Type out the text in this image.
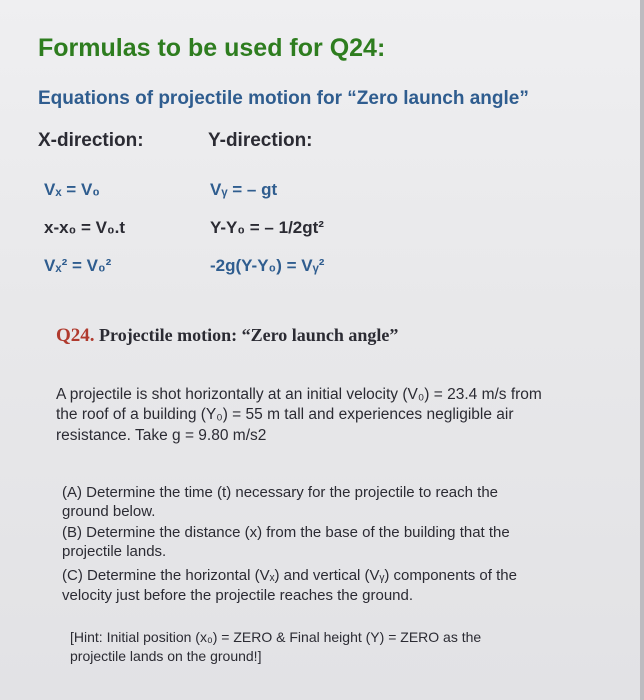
Formulas to be used for Q24:
Equations of projectile motion for “Zero launch angle”
X-direction:
Vₓ = V₀
x-x₀ = V₀.t
Vₓ² = V₀²
Y-direction:
Vᵧ = – gt
Y-Y₀ = – 1/2gt²
-2g(Y-Y₀) = Vᵧ²
Q24. Projectile motion: “Zero launch angle”
A projectile is shot horizontally at an initial velocity (V₀) = 23.4 m/s from
the roof of a building (Y₀) = 55 m tall and experiences negligible air
resistance. Take g = 9.80 m/s2
(A) Determine the time (t) necessary for the projectile to reach the
ground below.
(B) Determine the distance (x) from the base of the building that the
projectile lands.
(C) Determine the horizontal (Vₓ) and vertical (Vᵧ) components of the
velocity just before the projectile reaches the ground.
[Hint: Initial position (x₀) = ZERO & Final height (Y) = ZERO as the
projectile lands on the ground!]
